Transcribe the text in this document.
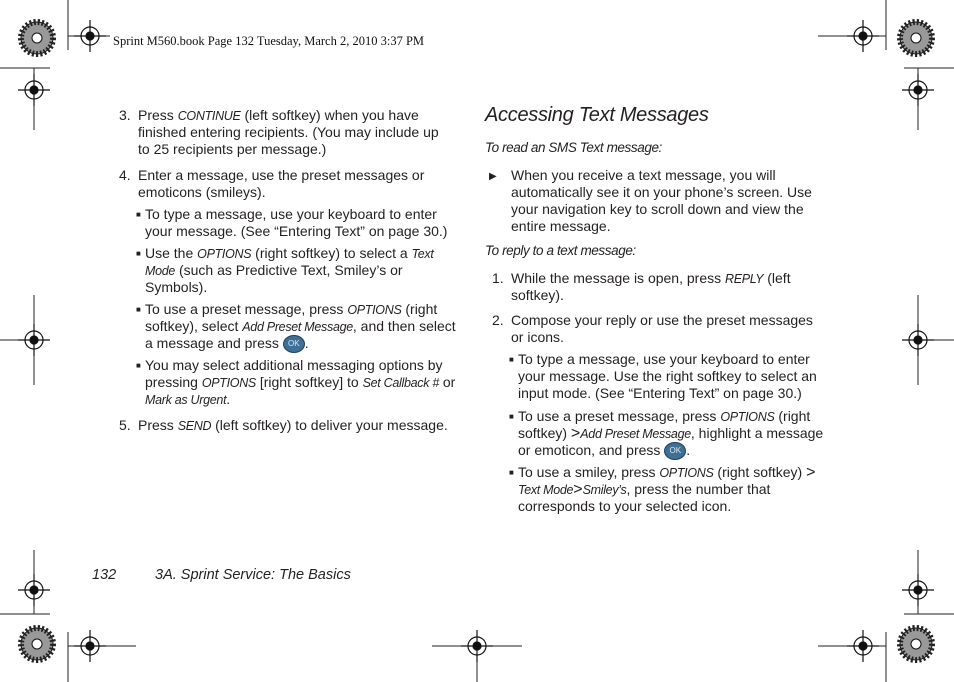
Sprint M560.book Page 132 Tuesday, March 2, 2010 3:37 PM
3. Press CONTINUE (left softkey) when you have
finished entering recipients. (You may include up
to 25 recipients per message.)
4. Enter a message, use the preset messages or
emoticons (smileys).
■ To type a message, use your keyboard to enter
your message. (See “Entering Text” on page 30.)
■ Use the OPTIONS (right softkey) to select a Text
Mode (such as Predictive Text, Smiley’s or
Symbols).
■ To use a preset message, press OPTIONS (right
softkey), select Add Preset Message, and then select
a message and press OK .
■ You may select additional messaging options by
pressing OPTIONS [right softkey] to Set Callback # or
Mark as Urgent.
5. Press SEND (left softkey) to deliver your message.
Accessing Text Messages
To read an SMS Text message:
▶ When you receive a text message, you will
automatically see it on your phone’s screen. Use
your navigation key to scroll down and view the
entire message.
To reply to a text message:
1. While the message is open, press REPLY (left
softkey).
2. Compose your reply or use the preset messages
or icons.
■ To type a message, use your keyboard to enter
your message. Use the right softkey to select an
input mode. (See “Entering Text” on page 30.)
■ To use a preset message, press OPTIONS (right
softkey) >Add Preset Message, highlight a message
or emoticon, and press OK .
■ To use a smiley, press OPTIONS (right softkey) >
Text Mode>Smiley’s, press the number that
corresponds to your selected icon.
132	3A. Sprint Service: The Basics
